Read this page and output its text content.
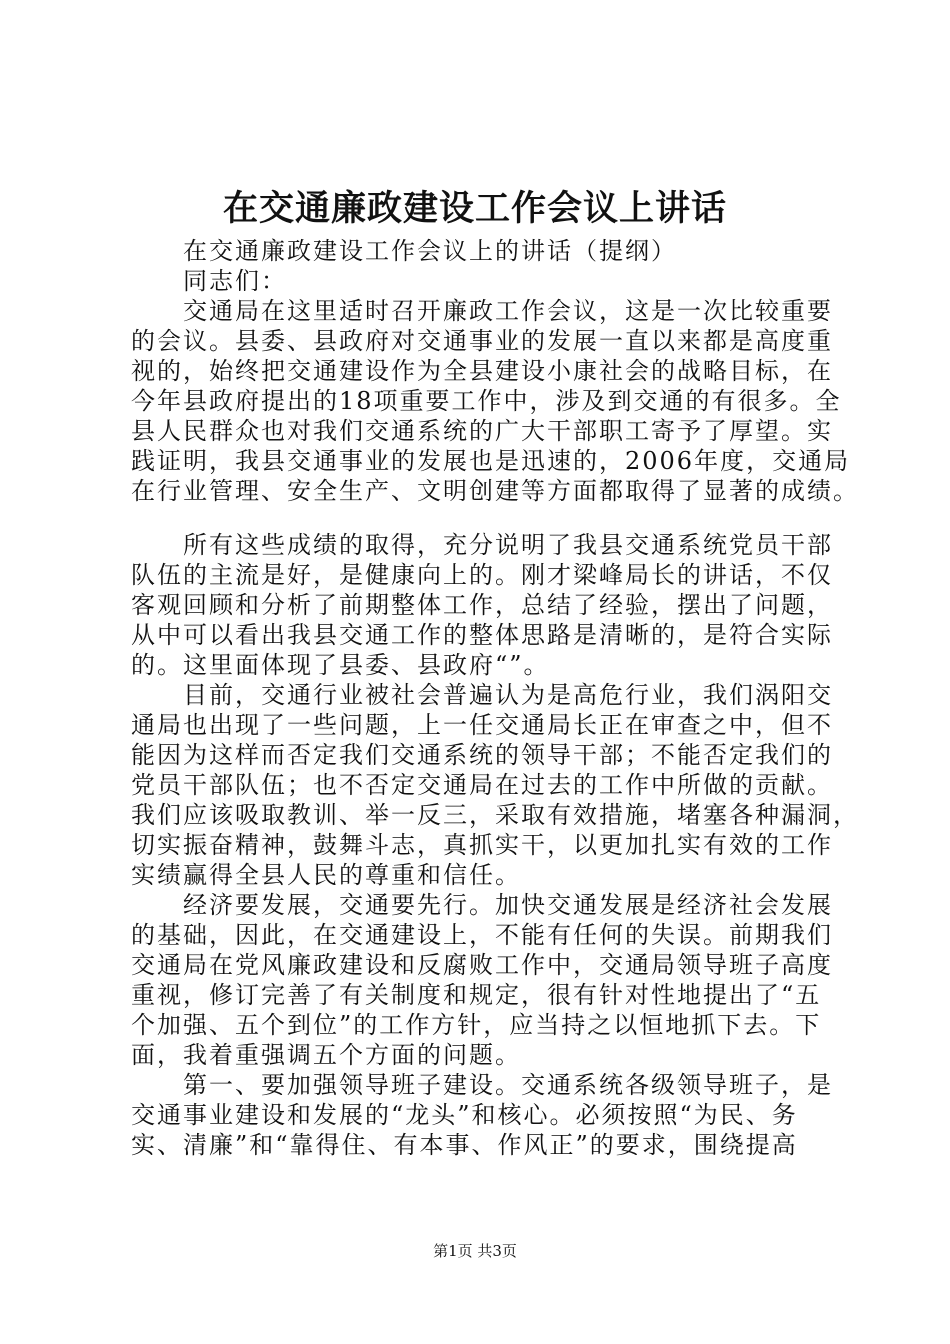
在交通廉政建设工作会议上讲话
在交通廉政建设工作会议上的讲话（提纲）
同志们：
交通局在这里适时召开廉政工作会议，这是一次比较重要
的会议。县委、县政府对交通事业的发展一直以来都是高度重
视的，始终把交通建设作为全县建设小康社会的战略目标，在
今年县政府提出的18项重要工作中，涉及到交通的有很多。全
县人民群众也对我们交通系统的广大干部职工寄予了厚望。实
践证明，我县交通事业的发展也是迅速的，2006年度，交通局
在行业管理、安全生产、文明创建等方面都取得了显著的成绩。
所有这些成绩的取得，充分说明了我县交通系统党员干部
队伍的主流是好，是健康向上的。刚才梁峰局长的讲话，不仅
客观回顾和分析了前期整体工作，总结了经验，摆出了问题，
从中可以看出我县交通工作的整体思路是清晰的，是符合实际
的。这里面体现了县委、县政府“”。
目前，交通行业被社会普遍认为是高危行业，我们涡阳交
通局也出现了一些问题，上一任交通局长正在审查之中，但不
能因为这样而否定我们交通系统的领导干部；不能否定我们的
党员干部队伍；也不否定交通局在过去的工作中所做的贡献。
我们应该吸取教训、举一反三，采取有效措施，堵塞各种漏洞，
切实振奋精神，鼓舞斗志，真抓实干，以更加扎实有效的工作
实绩赢得全县人民的尊重和信任。
经济要发展，交通要先行。加快交通发展是经济社会发展
的基础，因此，在交通建设上，不能有任何的失误。前期我们
交通局在党风廉政建设和反腐败工作中，交通局领导班子高度
重视，修订完善了有关制度和规定，很有针对性地提出了“五
个加强、五个到位”的工作方针，应当持之以恒地抓下去。下
面，我着重强调五个方面的问题。
第一、要加强领导班子建设。交通系统各级领导班子，是
交通事业建设和发展的“龙头”和核心。必须按照“为民、务
实、清廉”和“靠得住、有本事、作风正”的要求，围绕提高
第1页 共3页
